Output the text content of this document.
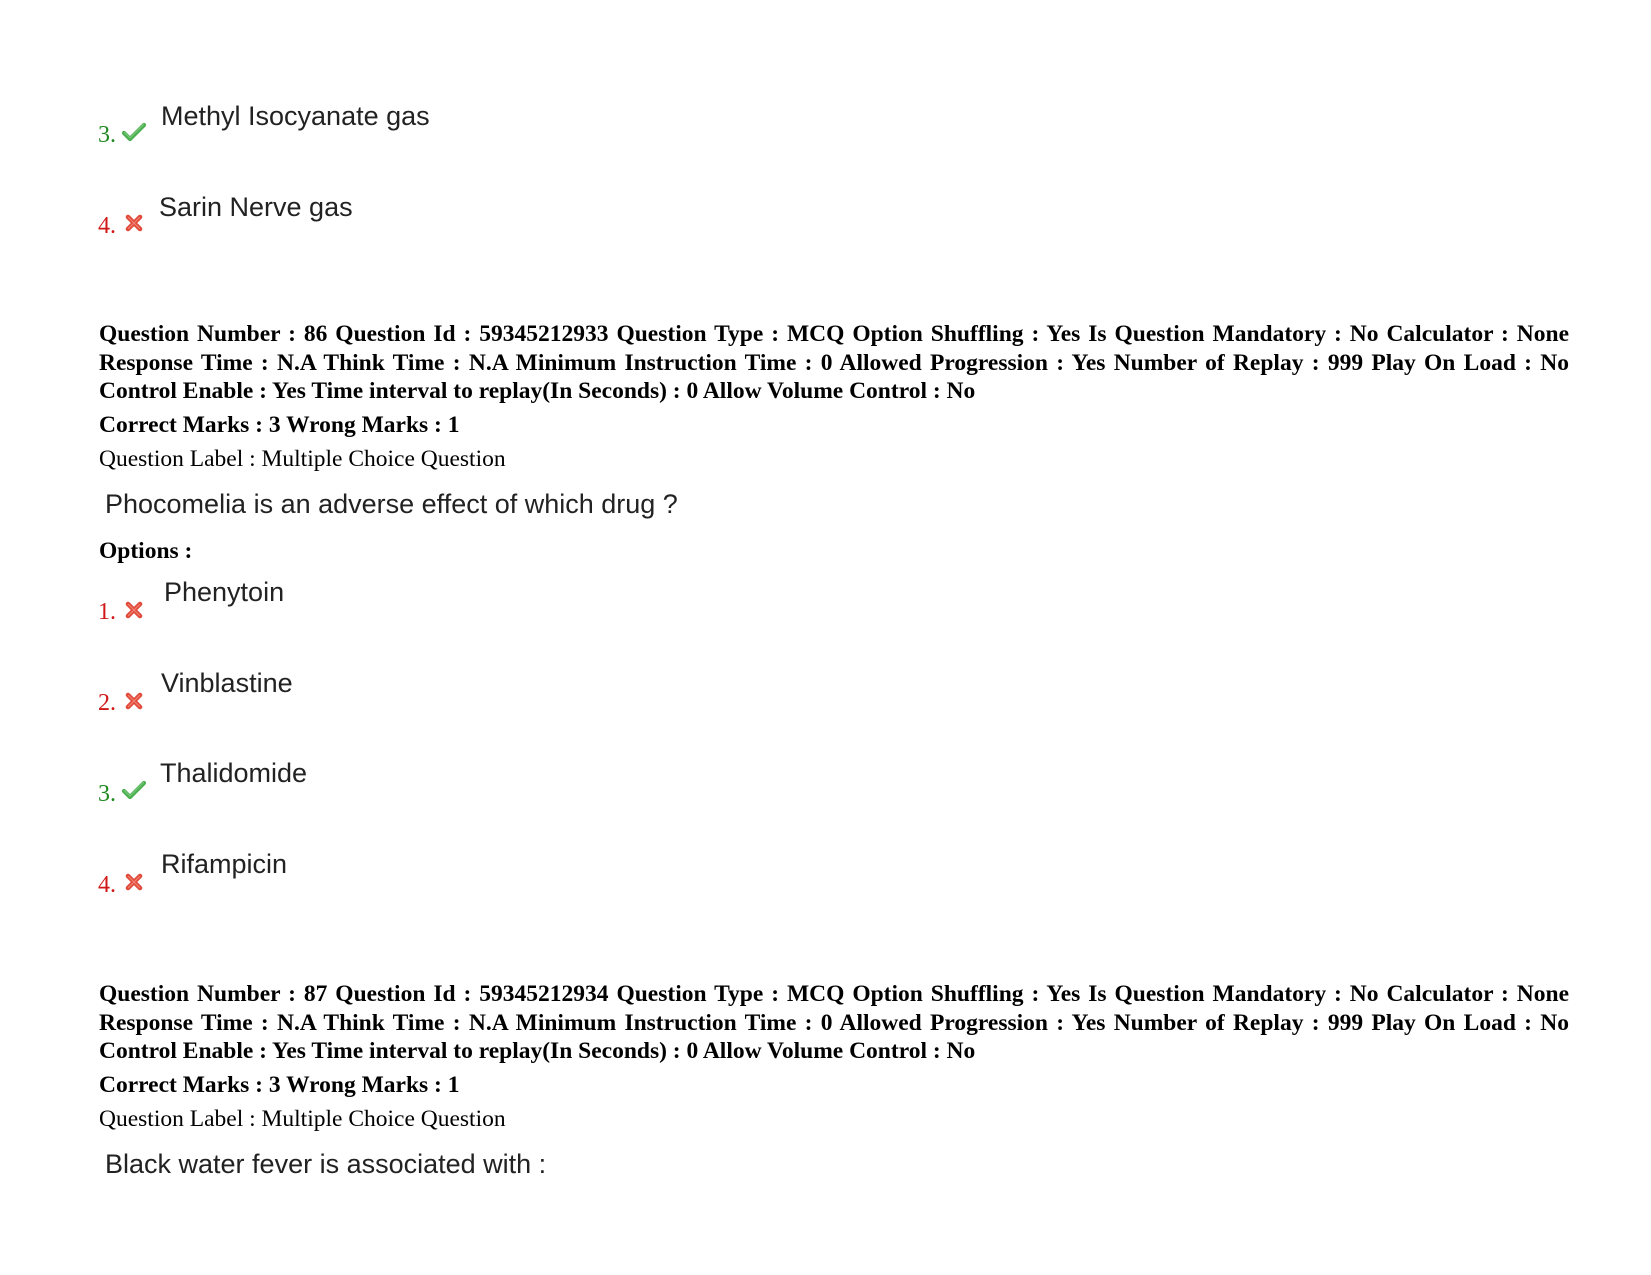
3.
Methyl Isocyanate gas
4.
Sarin Nerve gas
Question Number : 86 Question Id : 59345212933 Question Type : MCQ Option Shuffling : Yes Is Question Mandatory : No Calculator : None Response Time : N.A Think Time : N.A Minimum Instruction Time : 0 Allowed Progression : Yes Number of Replay : 999 Play On Load : No Control Enable : Yes Time interval to replay(In Seconds) : 0 Allow Volume Control : No
Correct Marks : 3 Wrong Marks : 1
Question Label : Multiple Choice Question
Phocomelia is an adverse effect of which drug ?
Options :
1.
Phenytoin
2.
Vinblastine
3.
Thalidomide
4.
Rifampicin
Question Number : 87 Question Id : 59345212934 Question Type : MCQ Option Shuffling : Yes Is Question Mandatory : No Calculator : None Response Time : N.A Think Time : N.A Minimum Instruction Time : 0 Allowed Progression : Yes Number of Replay : 999 Play On Load : No Control Enable : Yes Time interval to replay(In Seconds) : 0 Allow Volume Control : No
Correct Marks : 3 Wrong Marks : 1
Question Label : Multiple Choice Question
Black water fever is associated with :
